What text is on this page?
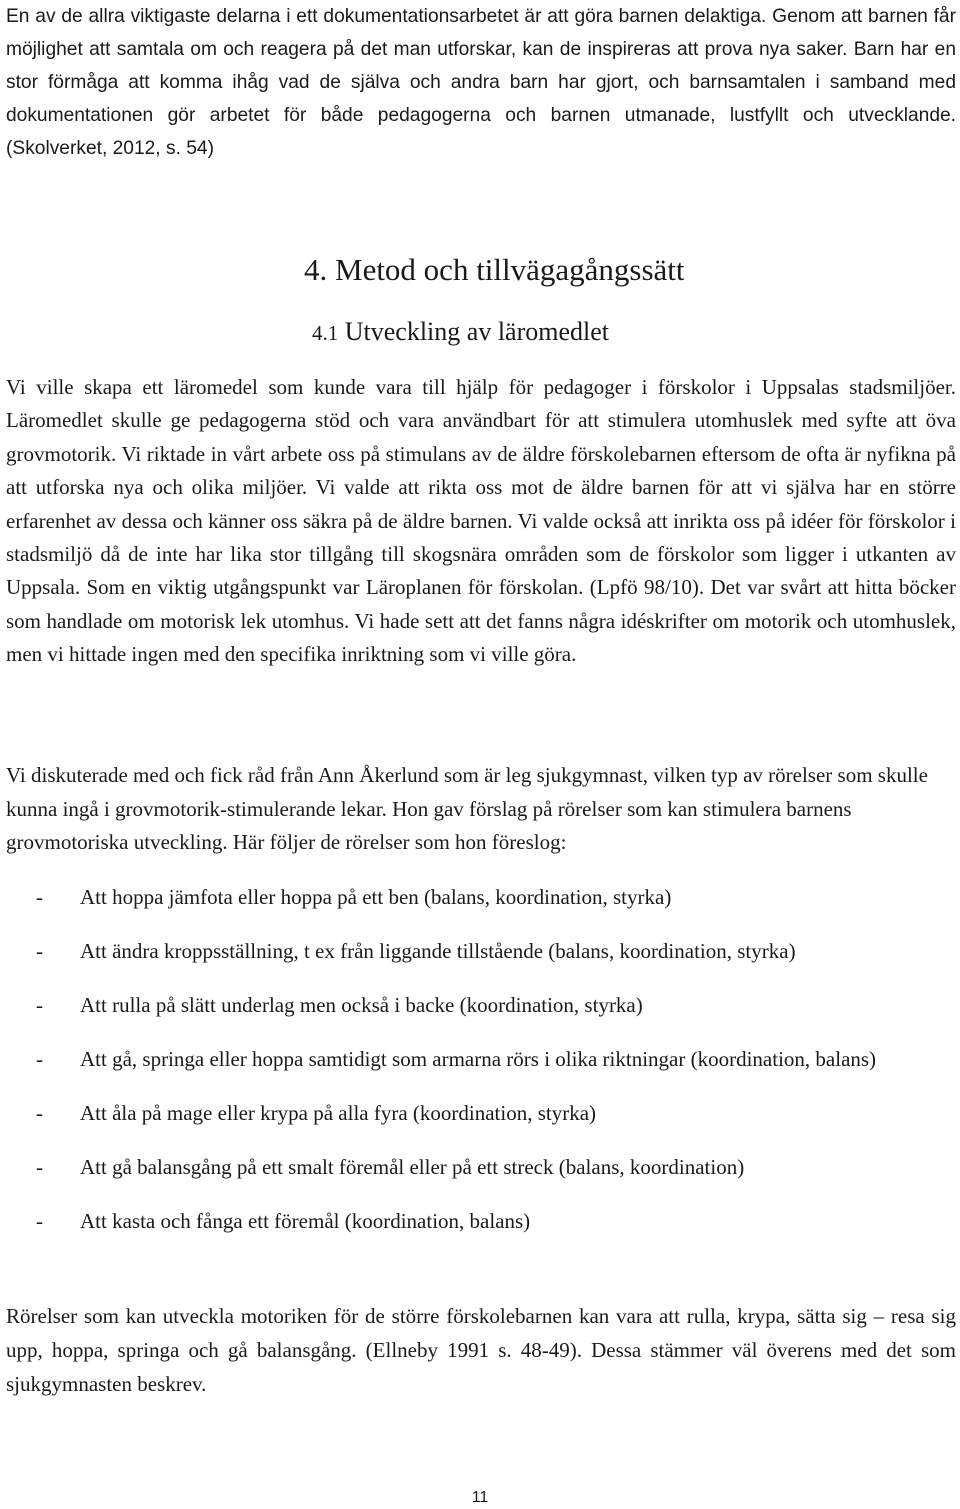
En av de allra viktigaste delarna i ett dokumentationsarbetet är att göra barnen delaktiga. Genom att barnen får möjlighet att samtala om och reagera på det man utforskar, kan de inspireras att prova nya saker. Barn har en stor förmåga att komma ihåg vad de själva och andra barn har gjort, och barnsamtalen i samband med dokumentationen gör arbetet för både pedagogerna och barnen utmanade, lustfyllt och utvecklande. (Skolverket, 2012, s. 54)

4. Metod och tillvägagångssätt
4.1 Utveckling av läromedlet

Vi ville skapa ett läromedel som kunde vara till hjälp för pedagoger i förskolor i Uppsalas stadsmiljöer. Läromedlet skulle ge pedagogerna stöd och vara användbart för att stimulera utomhuslek med syfte att öva grovmotorik. Vi riktade in vårt arbete oss på stimulans av de äldre förskolebarnen eftersom de ofta är nyfikna på att utforska nya och olika miljöer. Vi valde att rikta oss mot de äldre barnen för att vi själva har en större erfarenhet av dessa och känner oss säkra på de äldre barnen. Vi valde också att inrikta oss på idéer för förskolor i stadsmiljö då de inte har lika stor tillgång till skogsnära områden som de förskolor som ligger i utkanten av Uppsala. Som en viktig utgångspunkt var Läroplanen för förskolan. (Lpfö 98/10). Det var svårt att hitta böcker som handlade om motorisk lek utomhus. Vi hade sett att det fanns några idéskrifter om motorik och utomhuslek, men vi hittade ingen med den specifika inriktning som vi ville göra.

Vi diskuterade med och fick råd från Ann Åkerlund som är leg sjukgymnast, vilken typ av rörelser som skulle kunna ingå i grovmotorik-stimulerande lekar. Hon gav förslag på rörelser som kan stimulera barnens grovmotoriska utveckling. Här följer de rörelser som hon föreslog:

- Att hoppa jämfota eller hoppa på ett ben (balans, koordination, styrka)
- Att ändra kroppsställning, t ex från liggande tillstående (balans, koordination, styrka)
- Att rulla på slätt underlag men också i backe (koordination, styrka)
- Att gå, springa eller hoppa samtidigt som armarna rörs i olika riktningar (koordination, balans)
- Att åla på mage eller krypa på alla fyra (koordination, styrka)
- Att gå balansgång på ett smalt föremål eller på ett streck (balans, koordination)
- Att kasta och fånga ett föremål (koordination, balans)

Rörelser som kan utveckla motoriken för de större förskolebarnen kan vara att rulla, krypa, sätta sig – resa sig upp, hoppa, springa och gå balansgång. (Ellneby 1991 s. 48-49). Dessa stämmer väl överens med det som sjukgymnasten beskrev.

11
